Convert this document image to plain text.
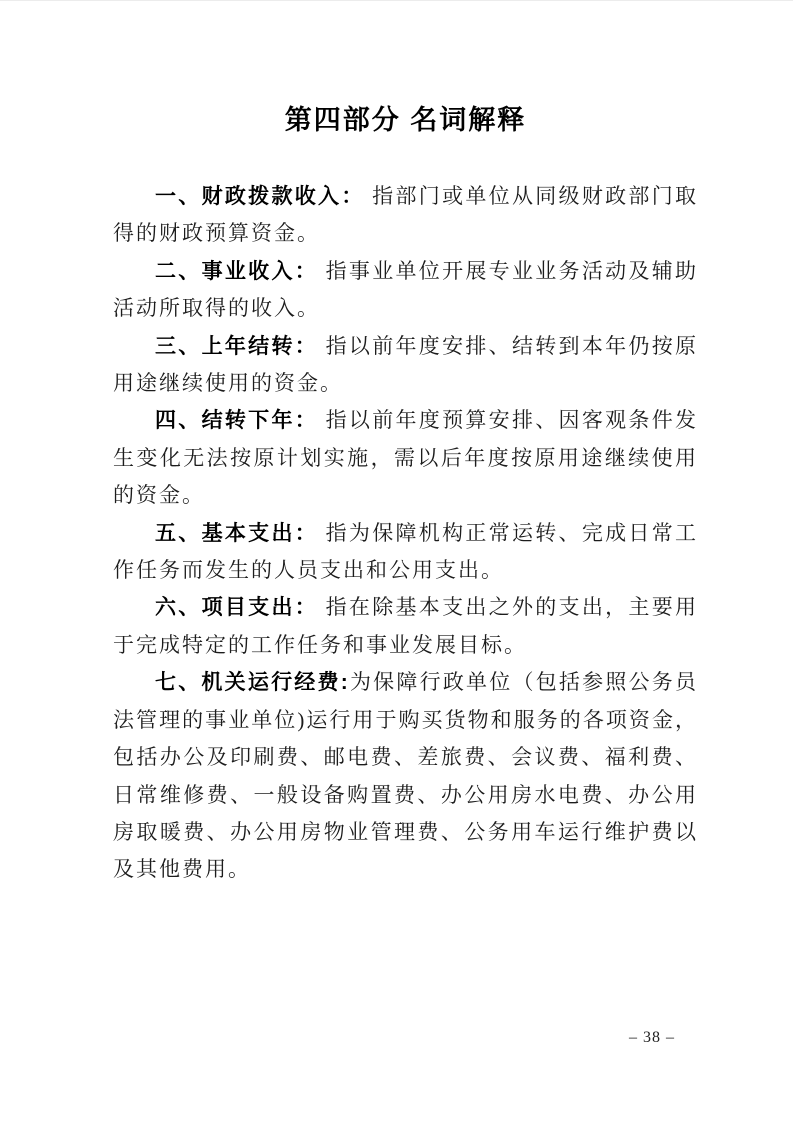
第四部分 名词解释

一、财政拨款收入： 指部门或单位从同级财政部门取得的财政预算资金。

二、事业收入： 指事业单位开展专业业务活动及辅助活动所取得的收入。

三、上年结转： 指以前年度安排、结转到本年仍按原用途继续使用的资金。

四、结转下年： 指以前年度预算安排、因客观条件发生变化无法按原计划实施，需以后年度按原用途继续使用的资金。

五、基本支出： 指为保障机构正常运转、完成日常工作任务而发生的人员支出和公用支出。

六、项目支出： 指在除基本支出之外的支出，主要用于完成特定的工作任务和事业发展目标。

七、机关运行经费:为保障行政单位（包括参照公务员法管理的事业单位)运行用于购买货物和服务的各项资金，包括办公及印刷费、邮电费、差旅费、会议费、福利费、日常维修费、一般设备购置费、办公用房水电费、办公用房取暖费、办公用房物业管理费、公务用车运行维护费以及其他费用。

– 38 –
